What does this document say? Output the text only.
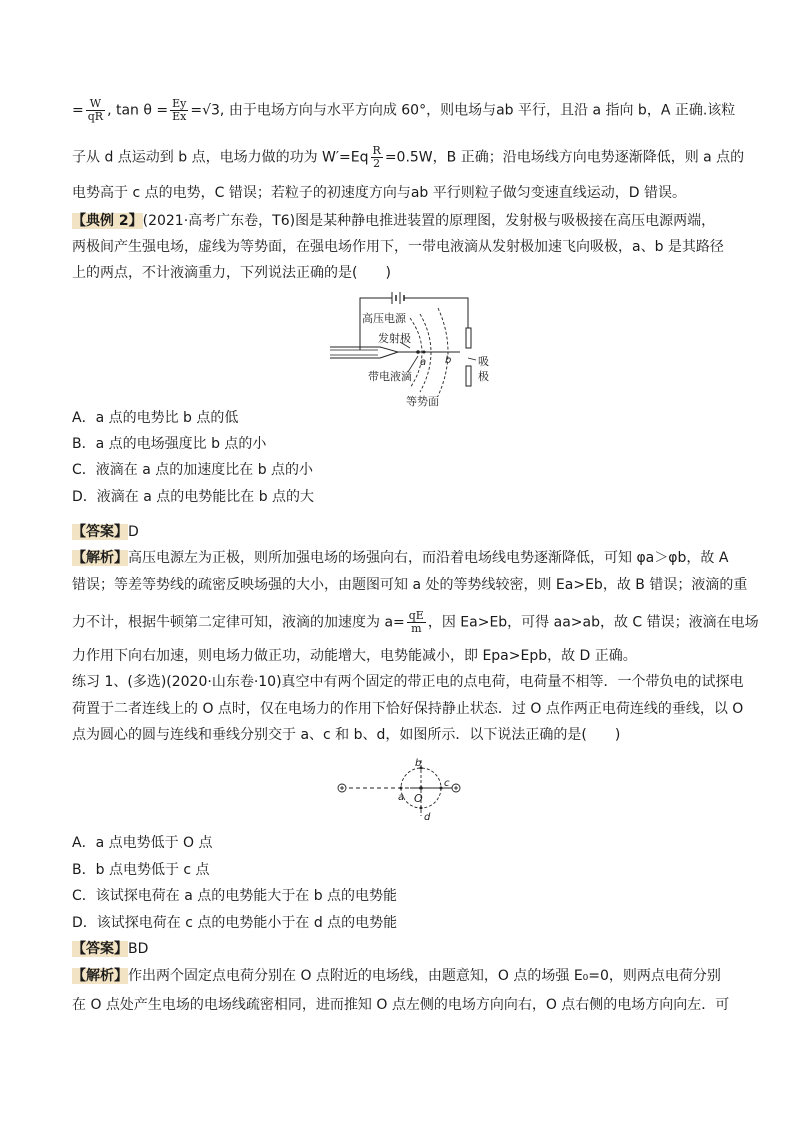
= $\frac{W}{qR}$ , $\tan \theta = \frac{Ey}{Ex} =√3$, 由于电场方向与水平方向成 60°，则电场与ab 平行，且沿 a 指向 b，A 正确.该粒
子从 d 点运动到 b 点，电场力做的功为 $W'=Eq \frac{R}{2} =0.5W$，B 正确；沿电场线方向电势逐渐降低，则 a 点的
电势高于 c 点的电势，C 错误；若粒子的初速度方向与ab 平行则粒子做匀变速直线运动，D 错误。
【典例 2】(2021·高考广东卷，T6)图是某种静电推进装置的原理图，发射极与吸极接在高压电源两端，
两极间产生强电场，虚线为等势面，在强电场作用下，一带电液滴从发射极加速飞向吸极，a、b 是其路径
上的两点，不计液滴重力，下列说法正确的是(　　)
高压电源
吸
极
发射极
a b
带电液滴
等势面
A．a 点的电势比 b 点的低
B．a 点的电场强度比 b 点的小
C．液滴在 a 点的加速度比在 b 点的小
D．液滴在 a 点的电势能比在 b 点的大
【答案】D
【解析】高压电源左为正极，则所加强电场的场强向右，而沿着电场线电势逐渐降低，可知 φa＞φb，故 A
错误；等差等势线的疏密反映场强的大小，由题图可知 a 处的等势线较密，则 Ea>Eb，故 B 错误；液滴的重
力不计，根据牛顿第二定律可知，液滴的加速度为 $a= \frac{qE}{m}$ ，因 Ea>Eb，可得 aa>ab，故 C 错误；液滴在电场
力作用下向右加速，则电场力做正功，动能增大，电势能减小，即 Epa>Epb，故 D 正确。
练习 1、(多选)(2020·山东卷·10)真空中有两个固定的带正电的点电荷，电荷量不相等．一个带负电的试探电
荷置于二者连线上的 O 点时，仅在电场力的作用下恰好保持静止状态．过 O 点作两正电荷连线的垂线，以 O
点为圆心的圆与连线和垂线分别交于 a、c 和 b、d，如图所示．以下说法正确的是(　　)
b
a O
c
d
A．a 点电势低于 O 点
B．b 点电势低于 c 点
C．该试探电荷在 a 点的电势能大于在 b 点的电势能
D．该试探电荷在 c 点的电势能小于在 d 点的电势能
【答案】BD
【解析】作出两个固定点电荷分别在 O 点附近的电场线，由题意知，O 点的场强 E₀=0，则两点电荷分别
在 O 点处产生电场的电场线疏密相同，进而推知 O 点左侧的电场方向向右，O 点右侧的电场方向向左．可
